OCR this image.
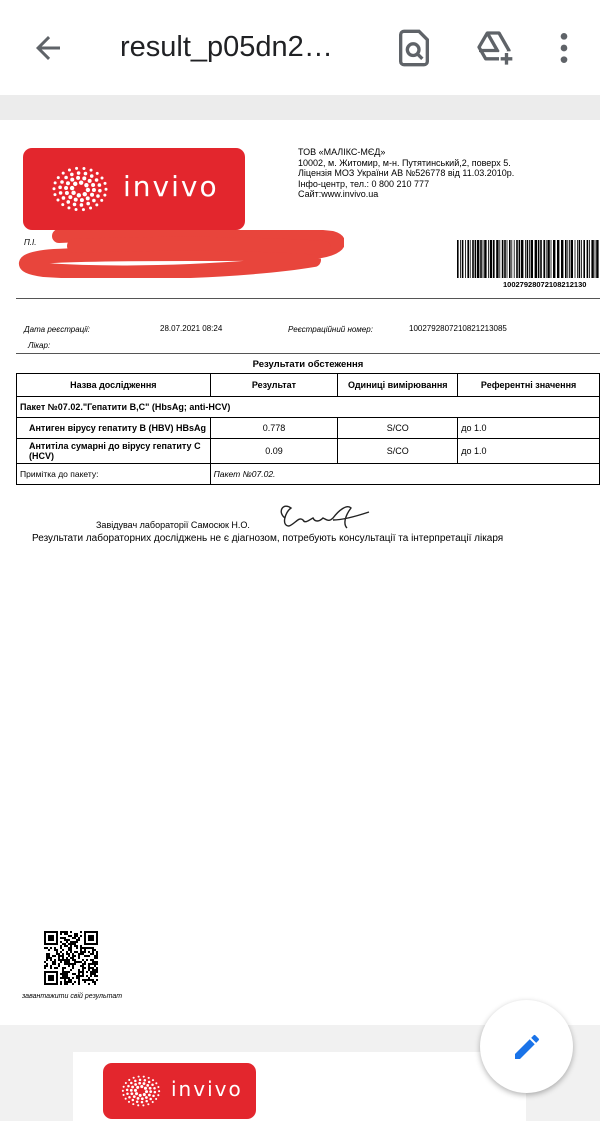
result_p05dn2…
invivo
ТОВ «МАЛІКС-МЄД»
10002, м. Житомир, м-н. Путятинський,2, поверх 5.
Ліцензія МОЗ України АВ №526778 від 11.03.2010р.
Інфо-центр, тел.: 0 800 210 777
Сайт:www.invivo.ua
П.І.
10027928072108212130
Дата реєстрації:	28.07.2021 08:24	Реєстраційний номер:	1002792807210821213085
Лікар:
Результати обстеження
Назва дослідження	Результат	Одиниці вимірювання	Референтні значення
Пакет №07.02."Гепатити В,С" (HbsAg; anti-HCV)			
Антиген вірусу гепатиту В (HBV) HBsAg	0.778	S/CO	до 1.0
Антитіла сумарні до вірусу гепатиту С (HCV)	0.09	S/CO	до 1.0
Примітка до пакету:	Пакет №07.02.		
Завідувач лабораторії Самосюк Н.О.
Результати лабораторних досліджень не є діагнозом, потребують консультації та інтерпретації лікаря
завантажити свій результат
invivo
